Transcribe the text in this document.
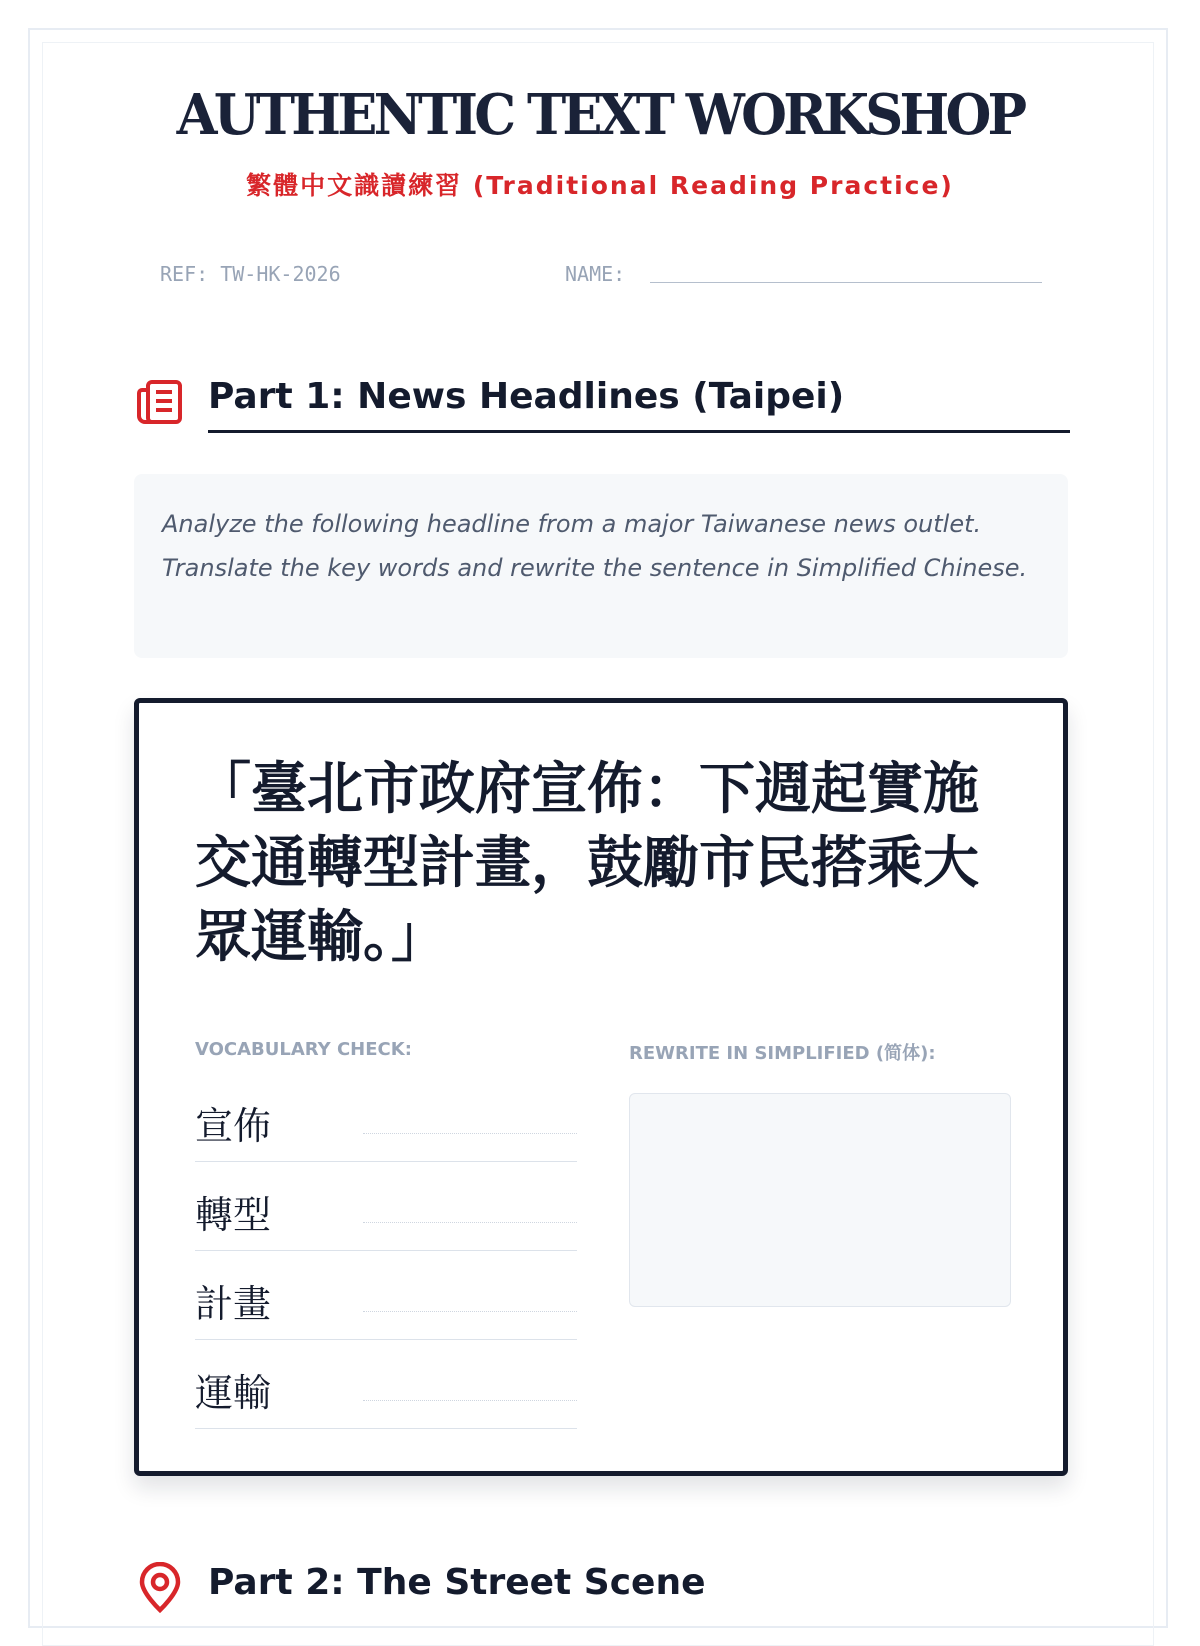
AUTHENTIC TEXT WORKSHOP
繁體中文識讀練習 (Traditional Reading Practice)
REF: TW-HK-2026	NAME:
Part 1: News Headlines (Taipei)
Analyze the following headline from a major Taiwanese news outlet. Translate the key words and rewrite the sentence in Simplified Chinese.
「臺北市政府宣佈：下週起實施交通轉型計畫，鼓勵市民搭乘大眾運輸。」
VOCABULARY CHECK:	REWRITE IN SIMPLIFIED (简体):
宣佈
轉型
計畫
運輸
Part 2: The Street Scene
